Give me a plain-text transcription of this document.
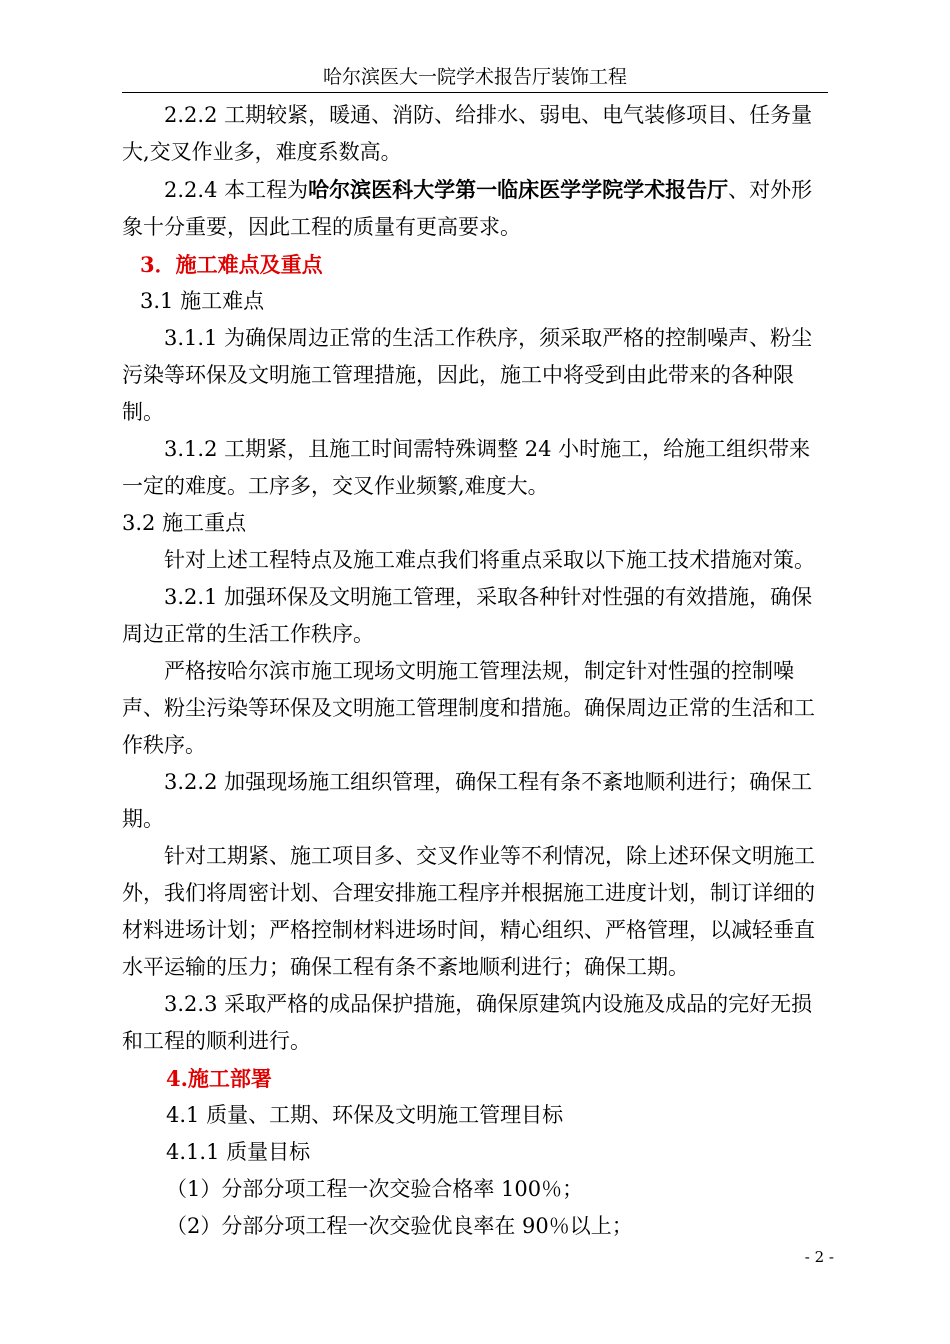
哈尔滨医大一院学术报告厅装饰工程

2.2.2 工期较紧，暖通、消防、给排水、弱电、电气装修项目、任务量大,交叉作业多，难度系数高。

2.2.4 本工程为哈尔滨医科大学第一临床医学学院学术报告厅、对外形象十分重要，因此工程的质量有更高要求。

3．施工难点及重点

3.1 施工难点

3.1.1 为确保周边正常的生活工作秩序，须采取严格的控制噪声、粉尘污染等环保及文明施工管理措施，因此，施工中将受到由此带来的各种限制。

3.1.2 工期紧，且施工时间需特殊调整 24 小时施工，给施工组织带来一定的难度。工序多，交叉作业频繁,难度大。

3.2 施工重点

针对上述工程特点及施工难点我们将重点采取以下施工技术措施对策。

3.2.1 加强环保及文明施工管理，采取各种针对性强的有效措施，确保周边正常的生活工作秩序。

严格按哈尔滨市施工现场文明施工管理法规，制定针对性强的控制噪声、粉尘污染等环保及文明施工管理制度和措施。确保周边正常的生活和工作秩序。

3.2.2 加强现场施工组织管理，确保工程有条不紊地顺利进行；确保工期。

针对工期紧、施工项目多、交叉作业等不利情况，除上述环保文明施工外，我们将周密计划、合理安排施工程序并根据施工进度计划，制订详细的材料进场计划；严格控制材料进场时间，精心组织、严格管理，以减轻垂直水平运输的压力；确保工程有条不紊地顺利进行；确保工期。

3.2.3 采取严格的成品保护措施，确保原建筑内设施及成品的完好无损和工程的顺利进行。

4.施工部署

4.1 质量、工期、环保及文明施工管理目标

4.1.1 质量目标

（1）分部分项工程一次交验合格率 100％；

（2）分部分项工程一次交验优良率在 90％以上；

- 2 -
